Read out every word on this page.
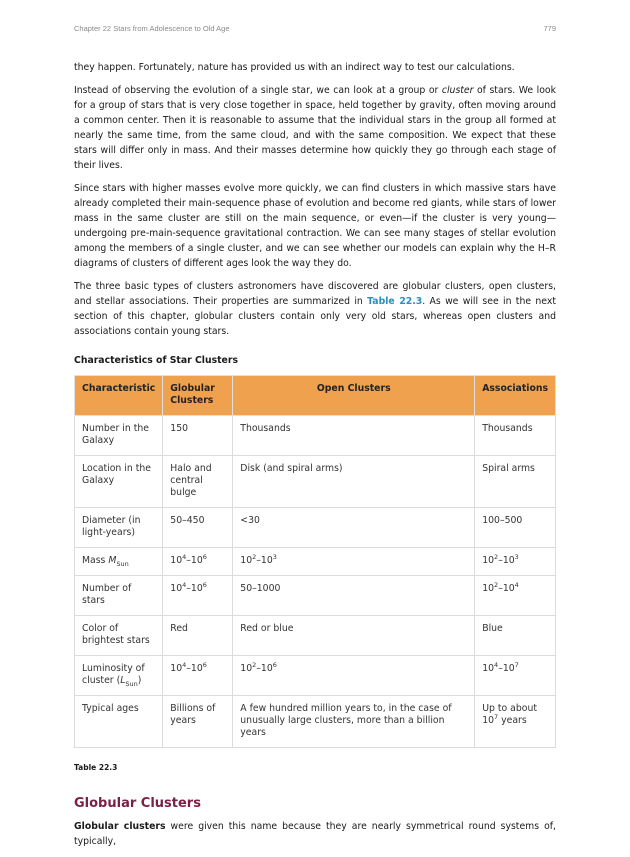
Chapter 22 Stars from Adolescence to Old Age	779

they happen. Fortunately, nature has provided us with an indirect way to test our calculations.

Instead of observing the evolution of a single star, we can look at a group or cluster of stars. We look for a group of stars that is very close together in space, held together by gravity, often moving around a common center. Then it is reasonable to assume that the individual stars in the group all formed at nearly the same time, from the same cloud, and with the same composition. We expect that these stars will differ only in mass. And their masses determine how quickly they go through each stage of their lives.

Since stars with higher masses evolve more quickly, we can find clusters in which massive stars have already completed their main-sequence phase of evolution and become red giants, while stars of lower mass in the same cluster are still on the main sequence, or even—if the cluster is very young—undergoing pre-main-sequence gravitational contraction. We can see many stages of stellar evolution among the members of a single cluster, and we can see whether our models can explain why the H–R diagrams of clusters of different ages look the way they do.

The three basic types of clusters astronomers have discovered are globular clusters, open clusters, and stellar associations. Their properties are summarized in Table 22.3. As we will see in the next section of this chapter, globular clusters contain only very old stars, whereas open clusters and associations contain young stars.

Characteristics of Star Clusters
Characteristic	Globular Clusters	Open Clusters	Associations
Number in the Galaxy	150	Thousands	Thousands
Location in the Galaxy	Halo and central bulge	Disk (and spiral arms)	Spiral arms
Diameter (in light-years)	50–450	<30	100–500
Mass $M_{Sun}$	$10^4-10^6$	$10^2-10^3$	$10^2-10^3$
Number of stars	$10^4-10^6$	50–1000	$10^2-10^4$
Color of brightest stars	Red	Red or blue	Blue
Luminosity of cluster $(L_{Sun})$	$10^4-10^6$	$10^2-10^6$	$10^4-10^7$
Typical ages	Billions of years	A few hundred million years to, in the case of unusually large clusters, more than a billion years	Up to about $10^7$ years
Table 22.3
Globular Clusters

Globular clusters were given this name because they are nearly symmetrical round systems of, typically,
